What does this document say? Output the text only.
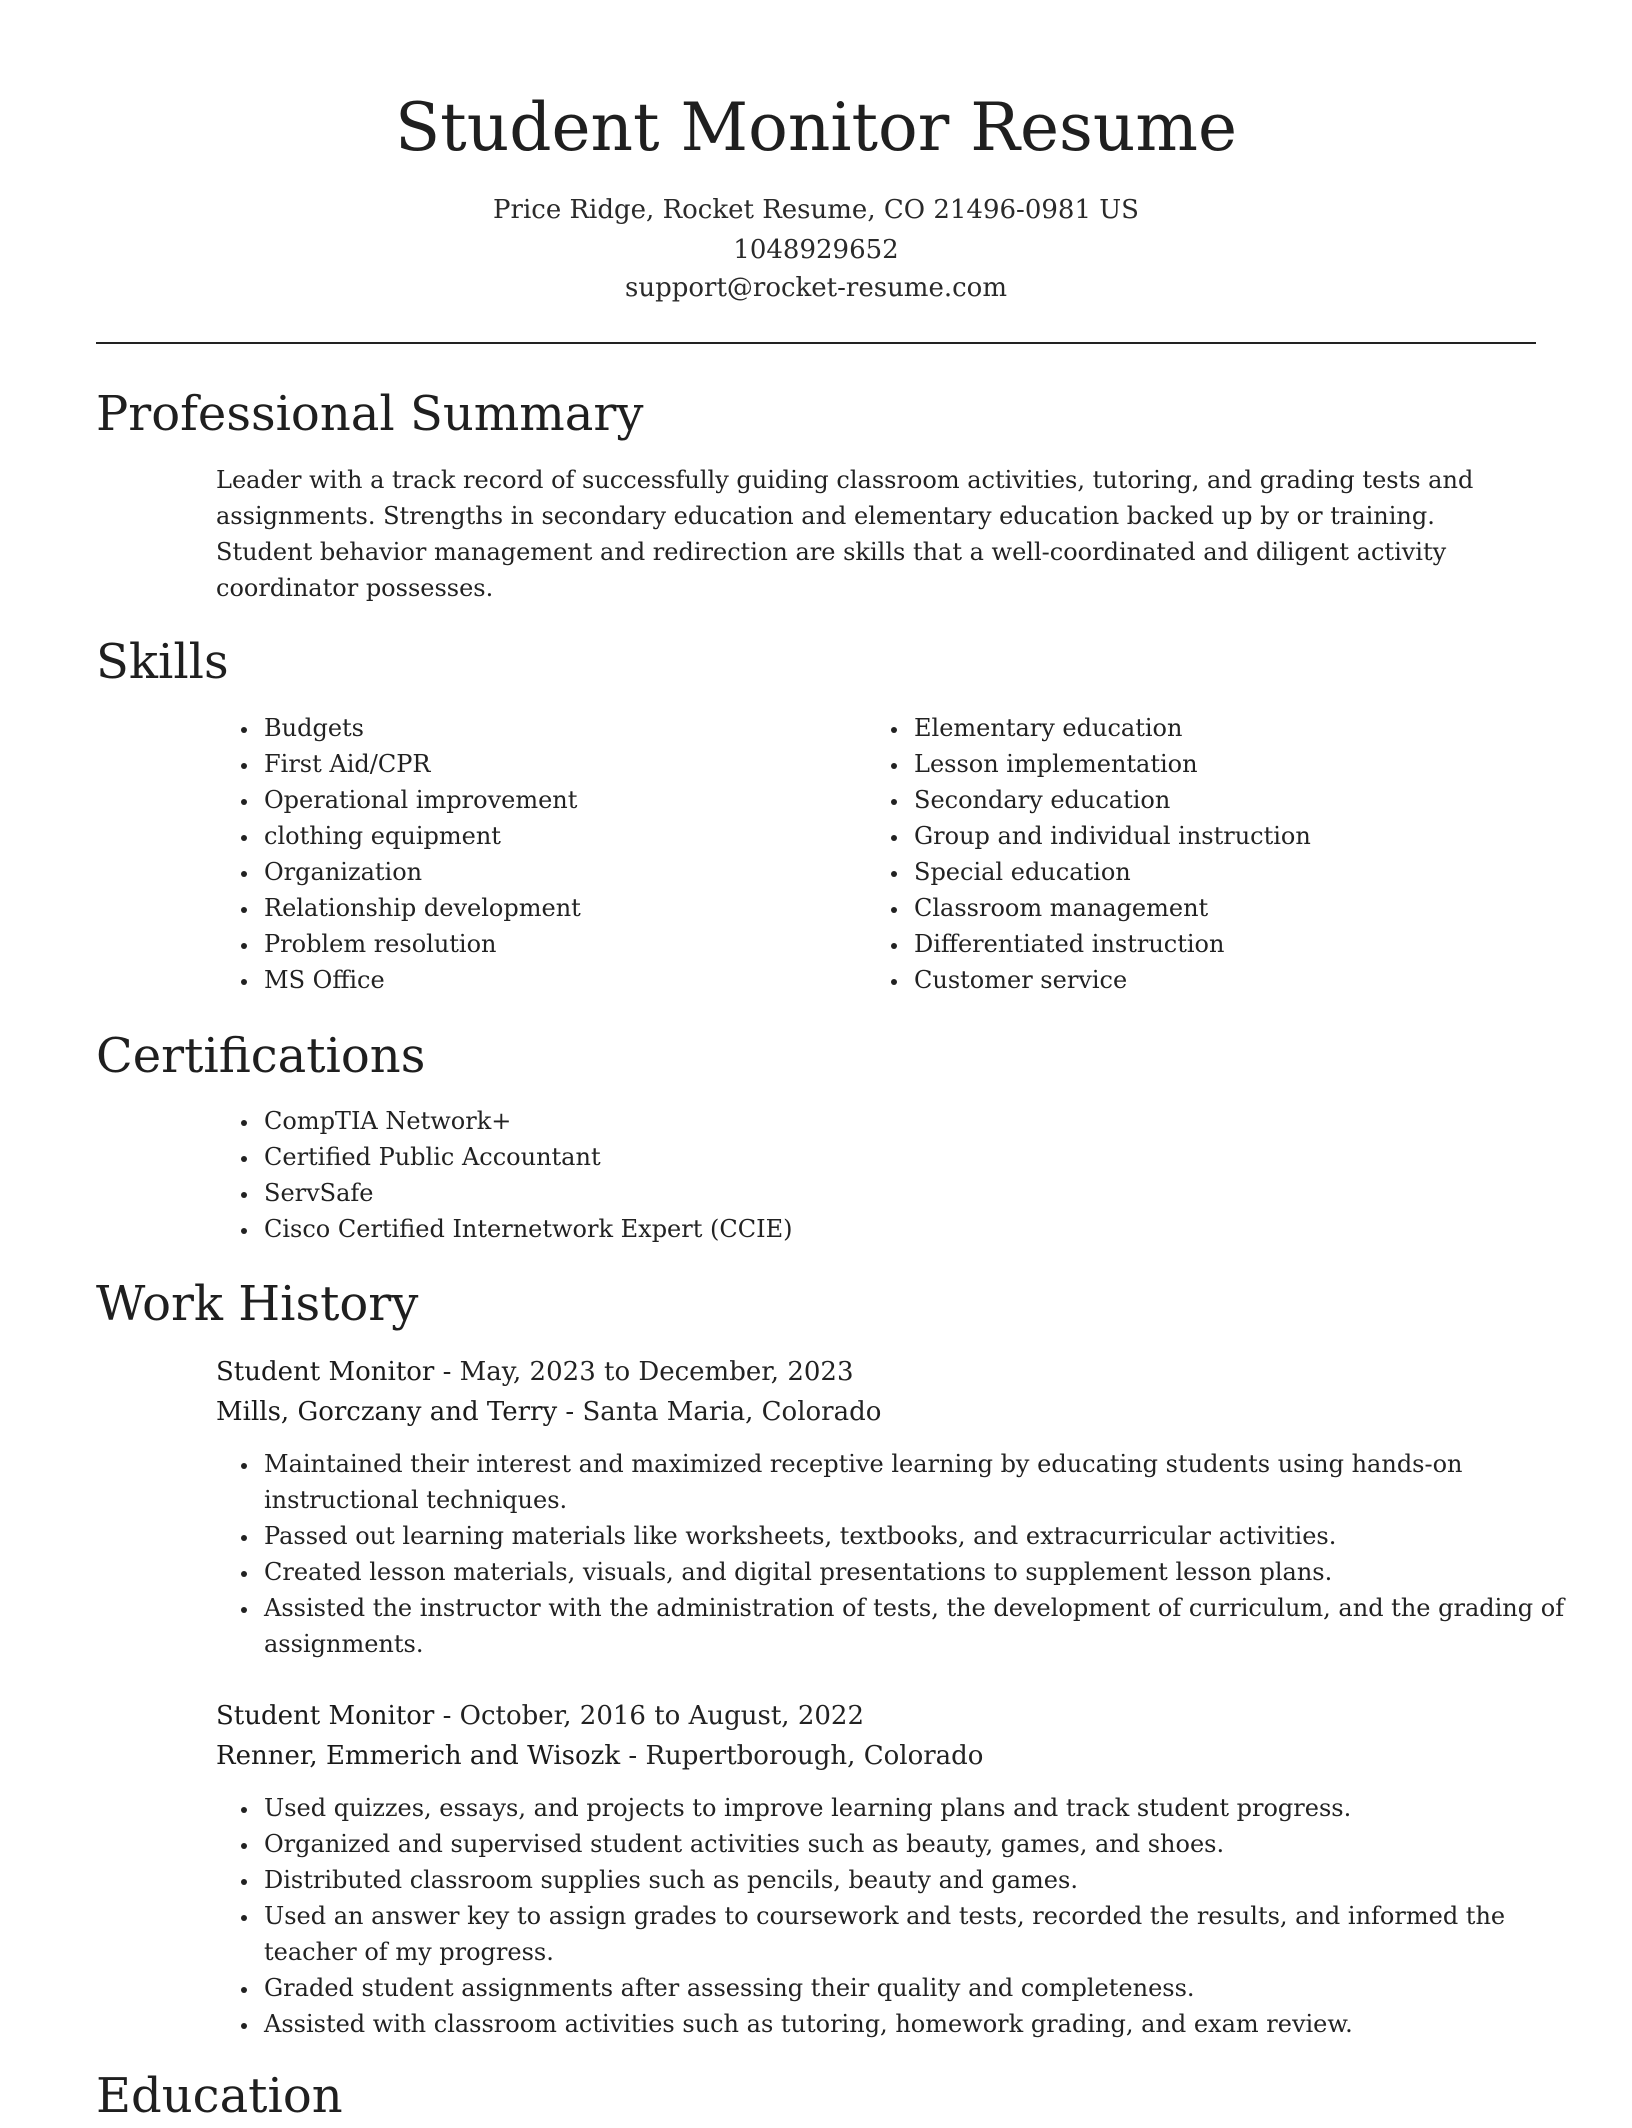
Student Monitor Resume
Price Ridge, Rocket Resume, CO 21496-0981 US
1048929652
support@rocket-resume.com
Professional Summary

Leader with a track record of successfully guiding classroom activities, tutoring, and grading tests and assignments. Strengths in secondary education and elementary education backed up by or training. Student behavior management and redirection are skills that a well-coordinated and diligent activity coordinator possesses.

Skills
• Budgets
• First Aid/CPR
• Operational improvement
• clothing equipment
• Organization
• Relationship development
• Problem resolution
• MS Office
• Elementary education
• Lesson implementation
• Secondary education
• Group and individual instruction
• Special education
• Classroom management
• Differentiated instruction
• Customer service
Certifications
• CompTIA Network+
• Certified Public Accountant
• ServSafe
• Cisco Certified Internetwork Expert (CCIE)
Work History
Student Monitor - May, 2023 to December, 2023
Mills, Gorczany and Terry - Santa Maria, Colorado
• Maintained their interest and maximized receptive learning by educating students using hands-on instructional techniques.
• Passed out learning materials like worksheets, textbooks, and extracurricular activities.
• Created lesson materials, visuals, and digital presentations to supplement lesson plans.
• Assisted the instructor with the administration of tests, the development of curriculum, and the grading of assignments.
Student Monitor - October, 2016 to August, 2022
Renner, Emmerich and Wisozk - Rupertborough, Colorado
• Used quizzes, essays, and projects to improve learning plans and track student progress.
• Organized and supervised student activities such as beauty, games, and shoes.
• Distributed classroom supplies such as pencils, beauty and games.
• Used an answer key to assign grades to coursework and tests, recorded the results, and informed the teacher of my progress.
• Graded student assignments after assessing their quality and completeness.
• Assisted with classroom activities such as tutoring, homework grading, and exam review.
Education
